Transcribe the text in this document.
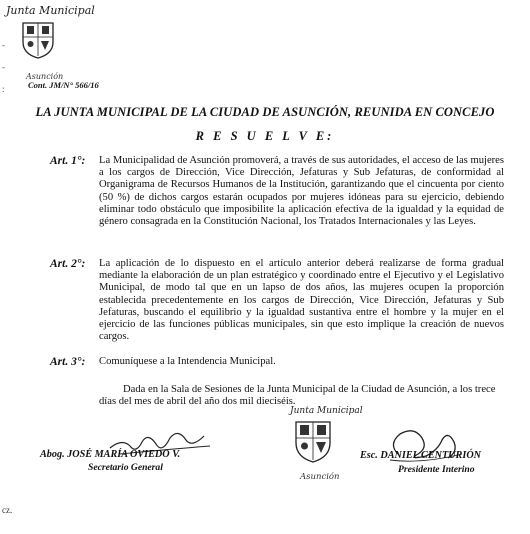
Junta Municipal
Asunción
Cont. JM/N° 566/16
-
-
:
LA JUNTA MUNICIPAL DE LA CIUDAD DE ASUNCIÓN, REUNIDA EN CONCEJO
R E S U E L V E:
Art. 1°: La Municipalidad de Asunción promoverá, a través de sus autoridades, el acceso de las mujeres a los cargos de Dirección, Vice Dirección, Jefaturas y Sub Jefaturas, de conformidad al Organigrama de Recursos Humanos de la Institución, garantizando que el cincuenta por ciento (50 %) de dichos cargos estarán ocupados por mujeres idóneas para su ejercicio, debiendo eliminar todo obstáculo que imposibilite la aplicación efectiva de la igualdad y la equidad de género consagrada en la Constitución Nacional, los Tratados Internacionales y las Leyes.
Art. 2°: La aplicación de lo dispuesto en el artículo anterior deberá realizarse de forma gradual mediante la elaboración de un plan estratégico y coordinado entre el Ejecutivo y el Legislativo Municipal, de modo tal que en un lapso de dos años, las mujeres ocupen la proporción establecida precedentemente en los cargos de Dirección, Vice Dirección, Jefaturas y Sub Jefaturas, buscando el equilibrio y la igualdad sustantiva entre el hombre y la mujer en el ejercicio de las funciones públicas municipales, sin que esto implique la creación de nuevos cargos.
Art. 3°: Comuníquese a la Intendencia Municipal.
Dada en la Sala de Sesiones de la Junta Municipal de la Ciudad de Asunción, a los trece
días del mes de abril del año dos mil dieciséis.
Abog. JOSÉ MARÍA OVIEDO V.
Secretario General
Junta Municipal
Asunción
Esc. DANIEL CENTURIÓN
Presidente Interino
cz.
